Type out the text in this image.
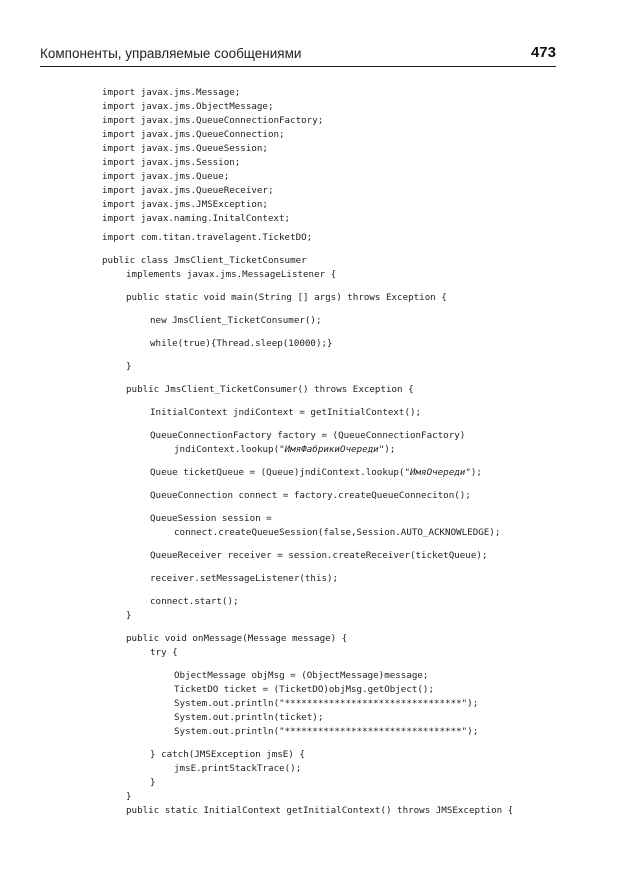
Компоненты, управляемые сообщениями	473
import javax.jms.Message;
import javax.jms.ObjectMessage;
import javax.jms.QueueConnectionFactory;
import javax.jms.QueueConnection;
import javax.jms.QueueSession;
import javax.jms.Session;
import javax.jms.Queue;
import javax.jms.QueueReceiver;
import javax.jms.JMSException;
import javax.naming.InitalContext;
import com.titan.travelagent.TicketDO;
public class JmsClient_TicketConsumer
implements javax.jms.MessageListener {
public static void main(String [] args) throws Exception {
new JmsClient_TicketConsumer();
while(true){Thread.sleep(10000);}
}
public JmsClient_TicketConsumer() throws Exception {
InitialContext jndiContext = getInitialContext();
QueueConnectionFactory factory = (QueueConnectionFactory)
jndiContext.lookup("ИмяФабрикиОчереди");
Queue ticketQueue = (Queue)jndiContext.lookup("ИмяОчереди");
QueueConnection connect = factory.createQueueConneciton();
QueueSession session =
connect.createQueueSession(false,Session.AUTO_ACKNOWLEDGE);
QueueReceiver receiver = session.createReceiver(ticketQueue);
receiver.setMessageListener(this);
connect.start();
}
public void onMessage(Message message) {
try {
ObjectMessage objMsg = (ObjectMessage)message;
TicketDO ticket = (TicketDO)objMsg.getObject();
System.out.println("********************************");
System.out.println(ticket);
System.out.println("********************************");
} catch(JMSException jmsE) {
jmsE.printStackTrace();
}
}
public static InitialContext getInitialContext() throws JMSException {
